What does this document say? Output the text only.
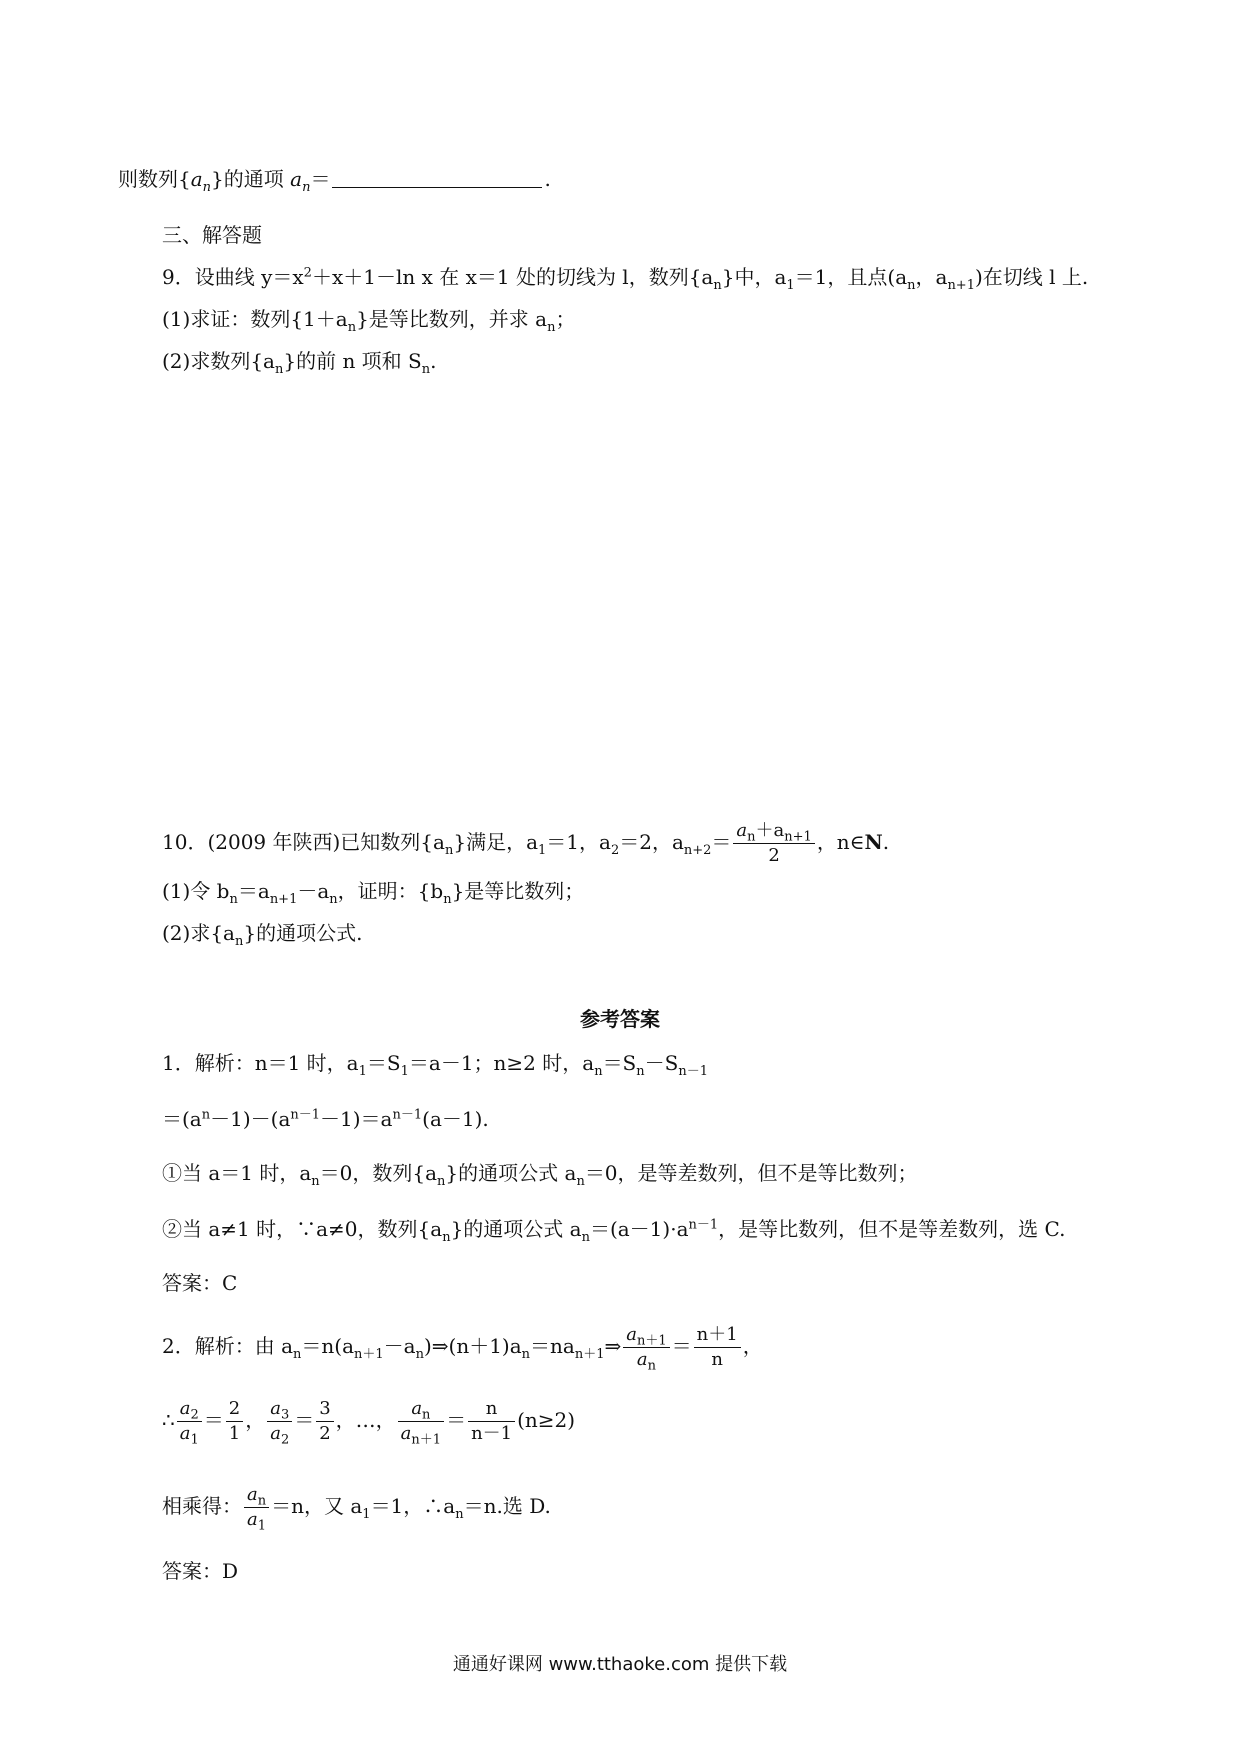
则数列$\{a_n\}$的通项 $a_n=$	.
三、解答题
9．设曲线 $y=x^2+x+1-\ln$ x 在 x＝1 处的切线为 l，数列$\{a_n\}$中，$a_1=1$，且点($a_n$，$a_{n+1}$)在切线 l 上.
(1)求证：数列$\{1+a_n\}$是等比数列，并求 $a_n$；
(2)求数列$\{a_n\}$的前 n 项和 $S_n$.
10．(2009 年陕西)已知数列$\{a_n\}$满足，$a_1=1$，$a_2=2$，$a_{n+2}= \frac{a_n+a_{n+1}}{2}$ ，n∈N.
(1)令 $b_n=a_{n+1}-a_n$，证明：$\{b_n\}$是等比数列；
(2)求$\{a_n\}$的通项公式.
参考答案
1．解析：n＝1 时，$a_1=S_1=a-1$；n≥2 时，$a_n=S_n-S_{n-1}$
$=(a^n-1)-(a^{n-1}-1)=a^{n-1}(a-1)$.
①当 a＝1 时，$a_n=0$，数列$\{a_n\}$的通项公式 $a_n=0$，是等差数列，但不是等比数列；
②当 a≠1 时，∵a≠0，数列$\{a_n\}$的通项公式 $a_n=(a-1)\cdot a^{n-1}$，是等比数列，但不是等差数列，选 C.
答案：C
2．解析：由 $a_n=n(a_{n+1}-a_n)\Rightarrow(n+1)a_n=na_{n+1}\Rightarrow \frac{a_{n+1}}{a_n} = \frac{n+1}{n}$ ，
∴ $\frac{a_2}{a_1} = \frac{2}{1}$ ， $\frac{a_3}{a_2} = \frac{3}{2}$ ，…， $\frac{a_n}{a_{n+1}} = \frac{n}{n-1} (n\ge 2)$
相乘得： $\frac{a_n}{a_1} =n$，又 $a_1=1$，$\therefore a_n=n$.选 D.
答案：D
通通好课网 www.tthaoke.com 提供下载
